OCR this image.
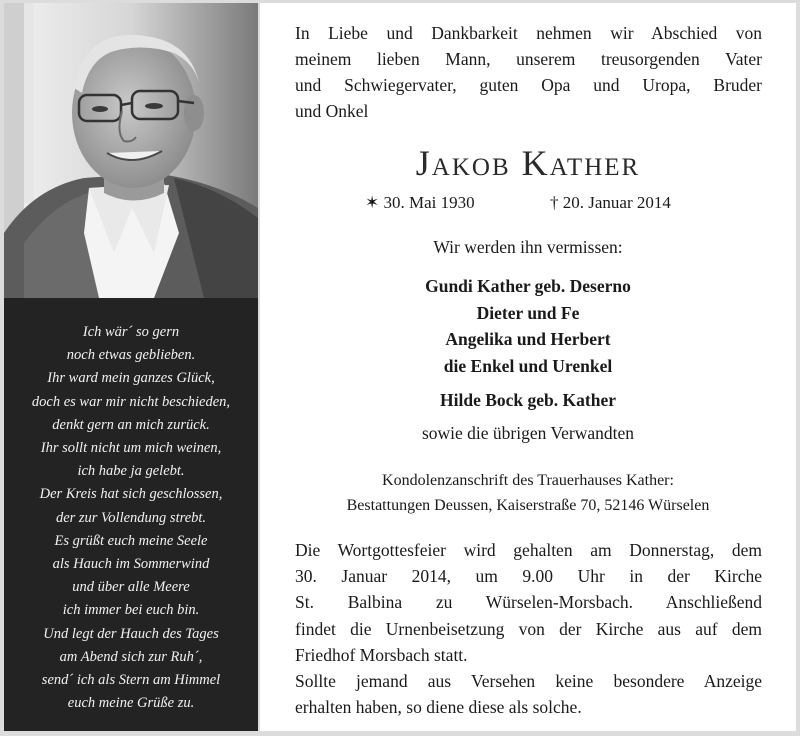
Ich wär´ so gern
noch etwas geblieben.
Ihr ward mein ganzes Glück,
doch es war mir nicht beschieden,
denkt gern an mich zurück.
Ihr sollt nicht um mich weinen,
ich habe ja gelebt.
Der Kreis hat sich geschlossen,
der zur Vollendung strebt.
Es grüßt euch meine Seele
als Hauch im Sommerwind
und über alle Meere
ich immer bei euch bin.
Und legt der Hauch des Tages
am Abend sich zur Ruh´,
send´ ich als Stern am Himmel
euch meine Grüße zu.
In Liebe und Dankbarkeit nehmen wir Abschied von
meinem lieben Mann, unserem treusorgenden Vater
und Schwiegervater, guten Opa und Uropa, Bruder
und Onkel
Jakob Kather
✶ 30. Mai 1930	† 20. Januar 2014
Wir werden ihn vermissen:
Gundi Kather geb. Deserno
Dieter und Fe
Angelika und Herbert
die Enkel und Urenkel
Hilde Bock geb. Kather
sowie die übrigen Verwandten
Kondolenzanschrift des Trauerhauses Kather:
Bestattungen Deussen, Kaiserstraße 70, 52146 Würselen
Die Wortgottesfeier wird gehalten am Donnerstag, dem
30. Januar 2014, um 9.00 Uhr in der Kirche
St. Balbina zu Würselen-Morsbach. Anschließend
findet die Urnenbeisetzung von der Kirche aus auf dem
Friedhof Morsbach statt.
Sollte jemand aus Versehen keine besondere Anzeige
erhalten haben, so diene diese als solche.
